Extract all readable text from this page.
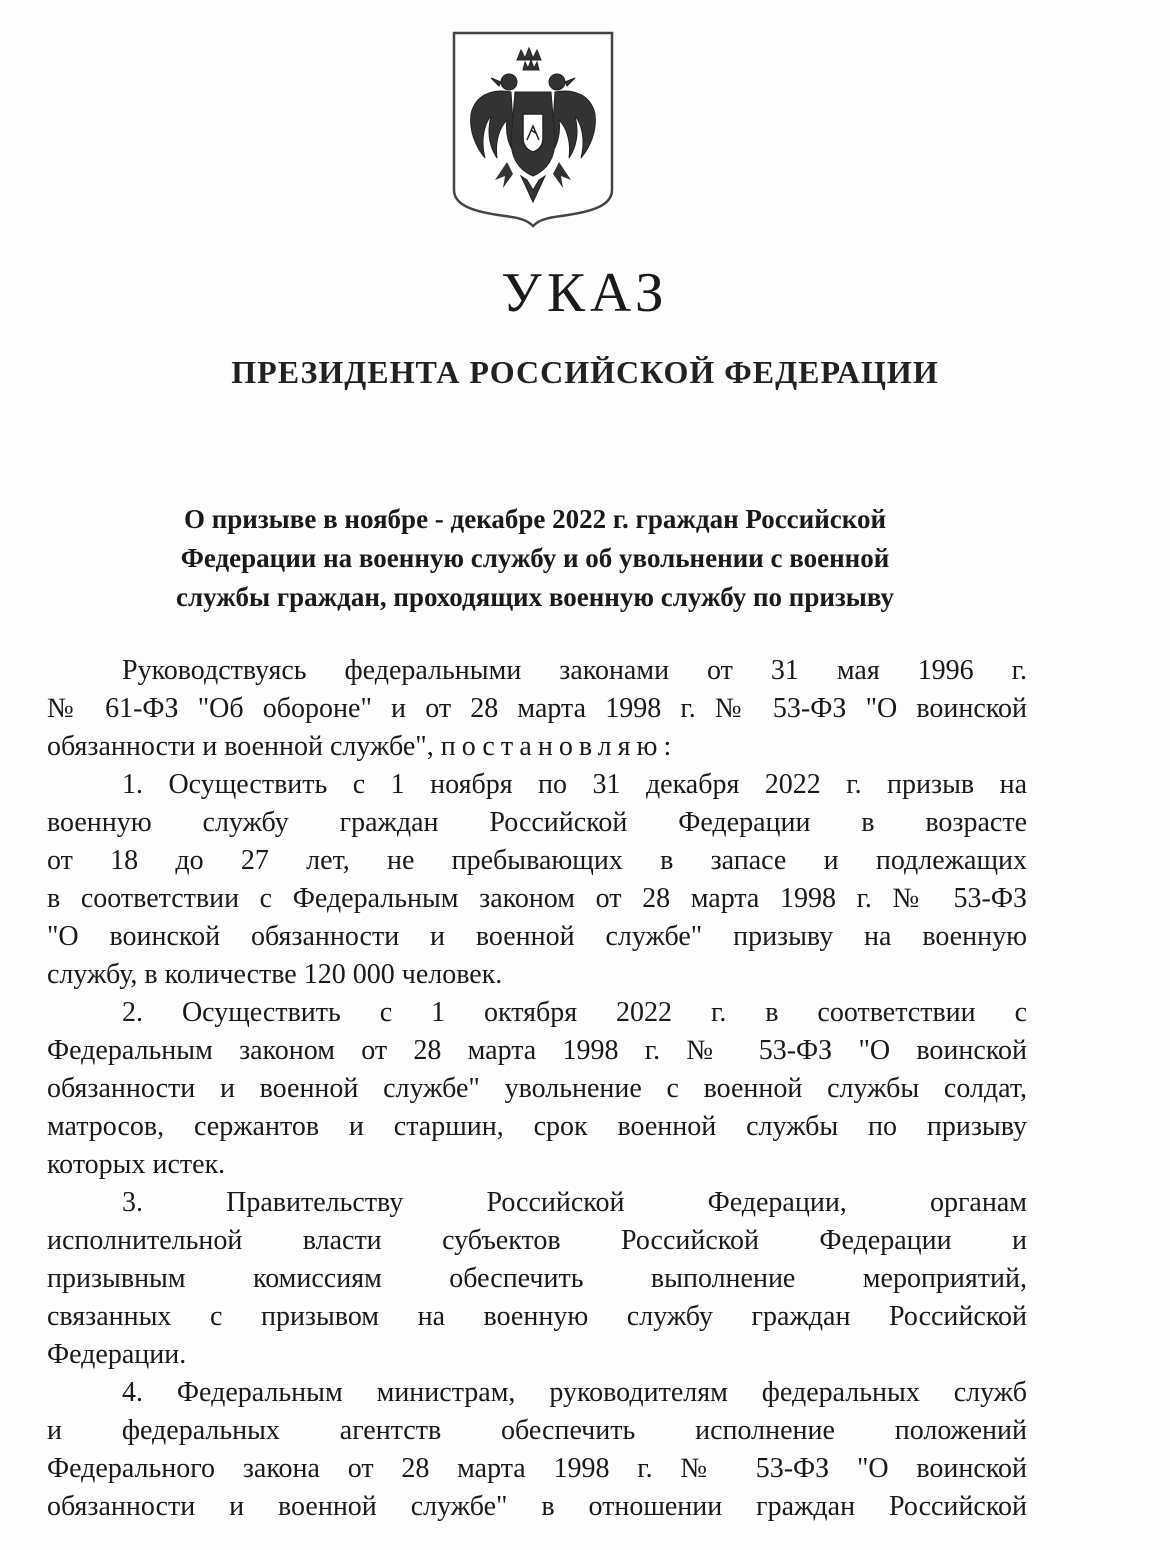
УКАЗ
ПРЕЗИДЕНТА РОССИЙСКОЙ ФЕДЕРАЦИИ
О призыве в ноябре - декабре 2022 г. граждан Российской
Федерации на военную службу и об увольнении с военной
службы граждан, проходящих военную службу по призыву
Руководствуясь федеральными законами от 31 мая 1996 г.
№ 61-ФЗ "Об обороне" и от 28 марта 1998 г. № 53-ФЗ "О воинской
обязанности и военной службе", постановляю:
1. Осуществить с 1 ноября по 31 декабря 2022 г. призыв на
военную службу граждан Российской Федерации в возрасте
от 18 до 27 лет, не пребывающих в запасе и подлежащих
в соответствии с Федеральным законом от 28 марта 1998 г. № 53-ФЗ
"О воинской обязанности и военной службе" призыву на военную
службу, в количестве 120 000 человек.
2. Осуществить с 1 октября 2022 г. в соответствии с
Федеральным законом от 28 марта 1998 г. № 53-ФЗ "О воинской
обязанности и военной службе" увольнение с военной службы солдат,
матросов, сержантов и старшин, срок военной службы по призыву
которых истек.
3. Правительству Российской Федерации, органам
исполнительной власти субъектов Российской Федерации и
призывным комиссиям обеспечить выполнение мероприятий,
связанных с призывом на военную службу граждан Российской
Федерации.
4. Федеральным министрам, руководителям федеральных служб
и федеральных агентств обеспечить исполнение положений
Федерального закона от 28 марта 1998 г. № 53-ФЗ "О воинской
обязанности и военной службе" в отношении граждан Российской
